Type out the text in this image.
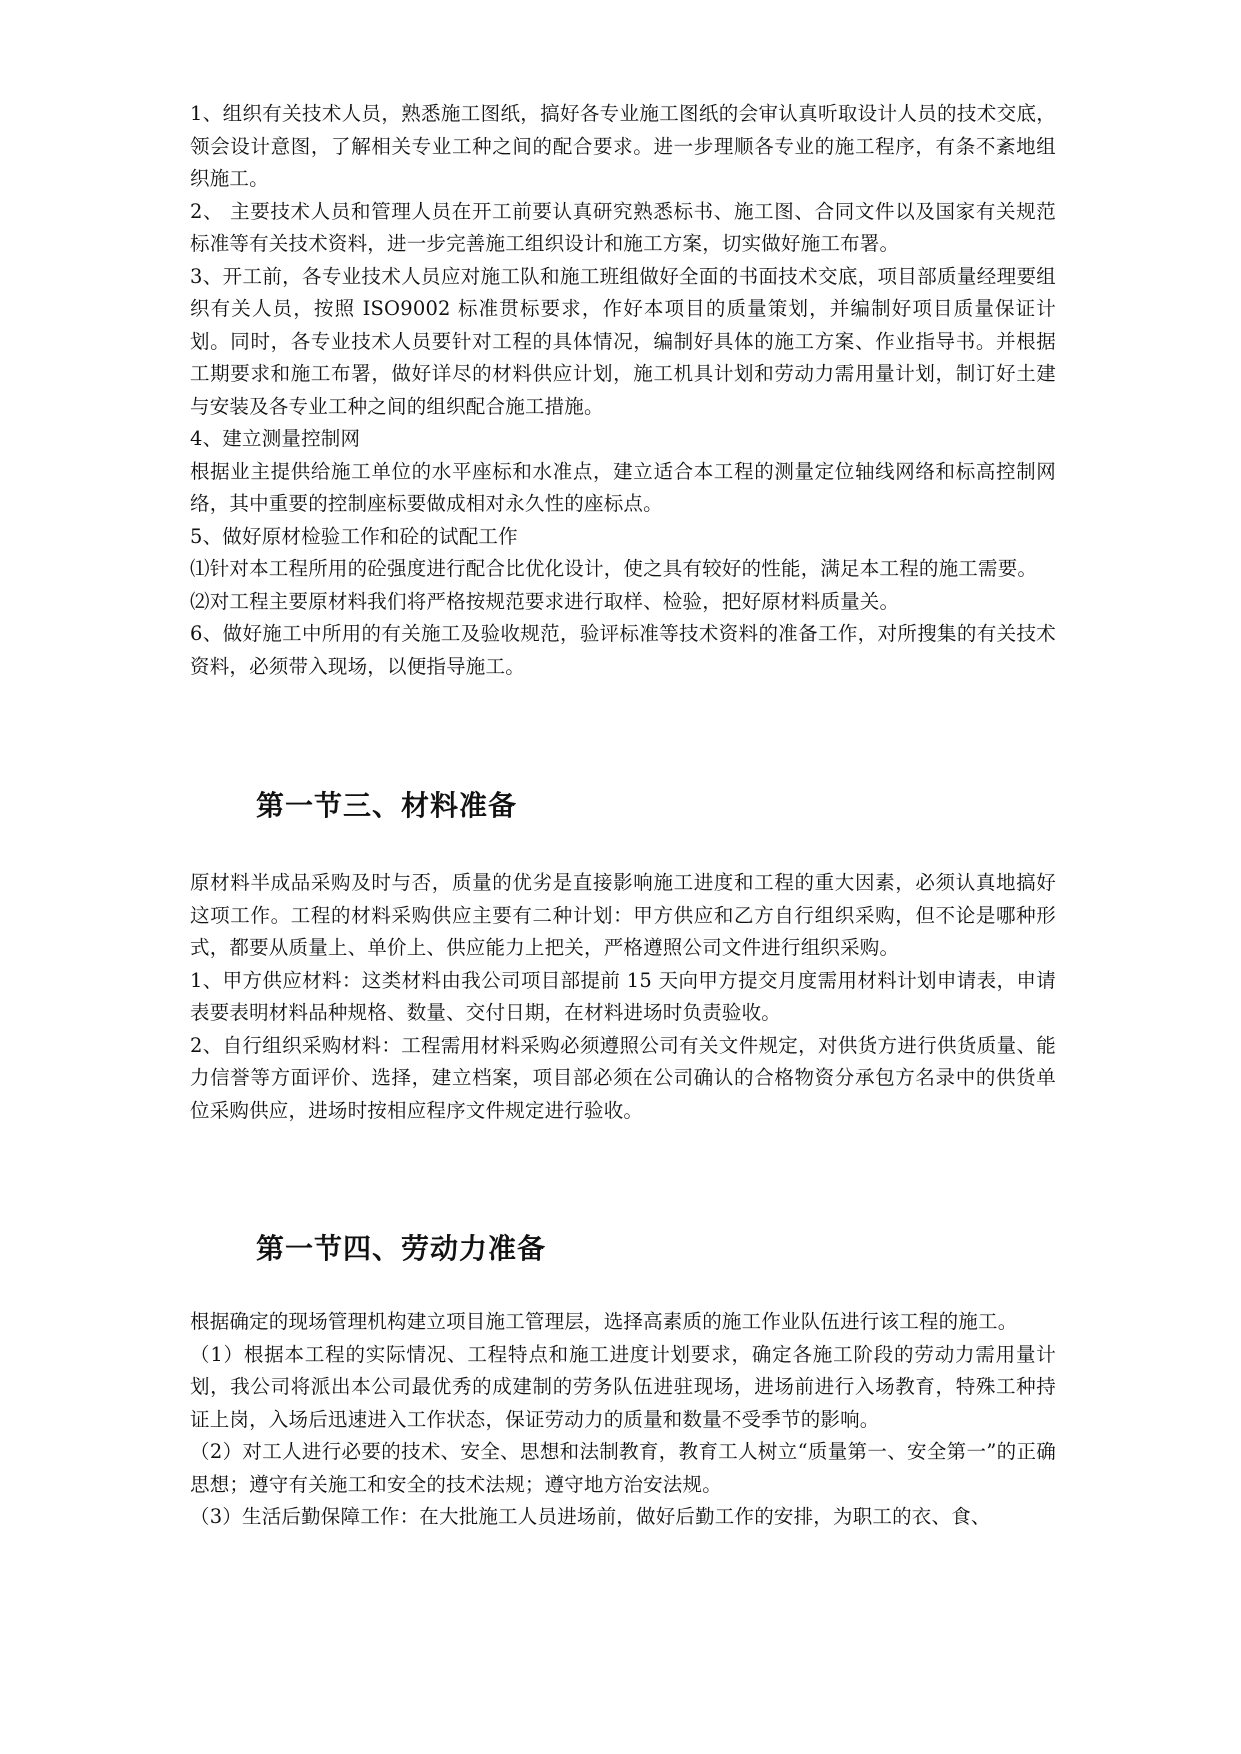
1、组织有关技术人员，熟悉施工图纸，搞好各专业施工图纸的会审认真听取设计人员的技术交底，领会设计意图，了解相关专业工种之间的配合要求。进一步理顺各专业的施工程序，有条不紊地组织施工。

2、 主要技术人员和管理人员在开工前要认真研究熟悉标书、施工图、合同文件以及国家有关规范标准等有关技术资料，进一步完善施工组织设计和施工方案，切实做好施工布署。

3、开工前，各专业技术人员应对施工队和施工班组做好全面的书面技术交底，项目部质量经理要组织有关人员，按照 ISO9002 标准贯标要求，作好本项目的质量策划，并编制好项目质量保证计划。同时，各专业技术人员要针对工程的具体情况，编制好具体的施工方案、作业指导书。并根据工期要求和施工布署，做好详尽的材料供应计划，施工机具计划和劳动力需用量计划，制订好土建与安装及各专业工种之间的组织配合施工措施。

4、建立测量控制网

根据业主提供给施工单位的水平座标和水准点，建立适合本工程的测量定位轴线网络和标高控制网络，其中重要的控制座标要做成相对永久性的座标点。

5、做好原材检验工作和砼的试配工作

⑴针对本工程所用的砼强度进行配合比优化设计，使之具有较好的性能，满足本工程的施工需要。

⑵对工程主要原材料我们将严格按规范要求进行取样、检验，把好原材料质量关。

6、做好施工中所用的有关施工及验收规范，验评标准等技术资料的准备工作，对所搜集的有关技术资料，必须带入现场，以便指导施工。

第一节三、材料准备

原材料半成品采购及时与否，质量的优劣是直接影响施工进度和工程的重大因素，必须认真地搞好这项工作。工程的材料采购供应主要有二种计划：甲方供应和乙方自行组织采购，但不论是哪种形式，都要从质量上、单价上、供应能力上把关，严格遵照公司文件进行组织采购。

1、甲方供应材料：这类材料由我公司项目部提前 15 天向甲方提交月度需用材料计划申请表，申请表要表明材料品种规格、数量、交付日期，在材料进场时负责验收。

2、自行组织采购材料：工程需用材料采购必须遵照公司有关文件规定，对供货方进行供货质量、能力信誉等方面评价、选择，建立档案，项目部必须在公司确认的合格物资分承包方名录中的供货单位采购供应，进场时按相应程序文件规定进行验收。

第一节四、劳动力准备

根据确定的现场管理机构建立项目施工管理层，选择高素质的施工作业队伍进行该工程的施工。

（1）根据本工程的实际情况、工程特点和施工进度计划要求，确定各施工阶段的劳动力需用量计划，我公司将派出本公司最优秀的成建制的劳务队伍进驻现场，进场前进行入场教育，特殊工种持证上岗，入场后迅速进入工作状态，保证劳动力的质量和数量不受季节的影响。

（2）对工人进行必要的技术、安全、思想和法制教育，教育工人树立“质量第一、安全第一”的正确思想；遵守有关施工和安全的技术法规；遵守地方治安法规。

（3）生活后勤保障工作：在大批施工人员进场前，做好后勤工作的安排，为职工的衣、食、
